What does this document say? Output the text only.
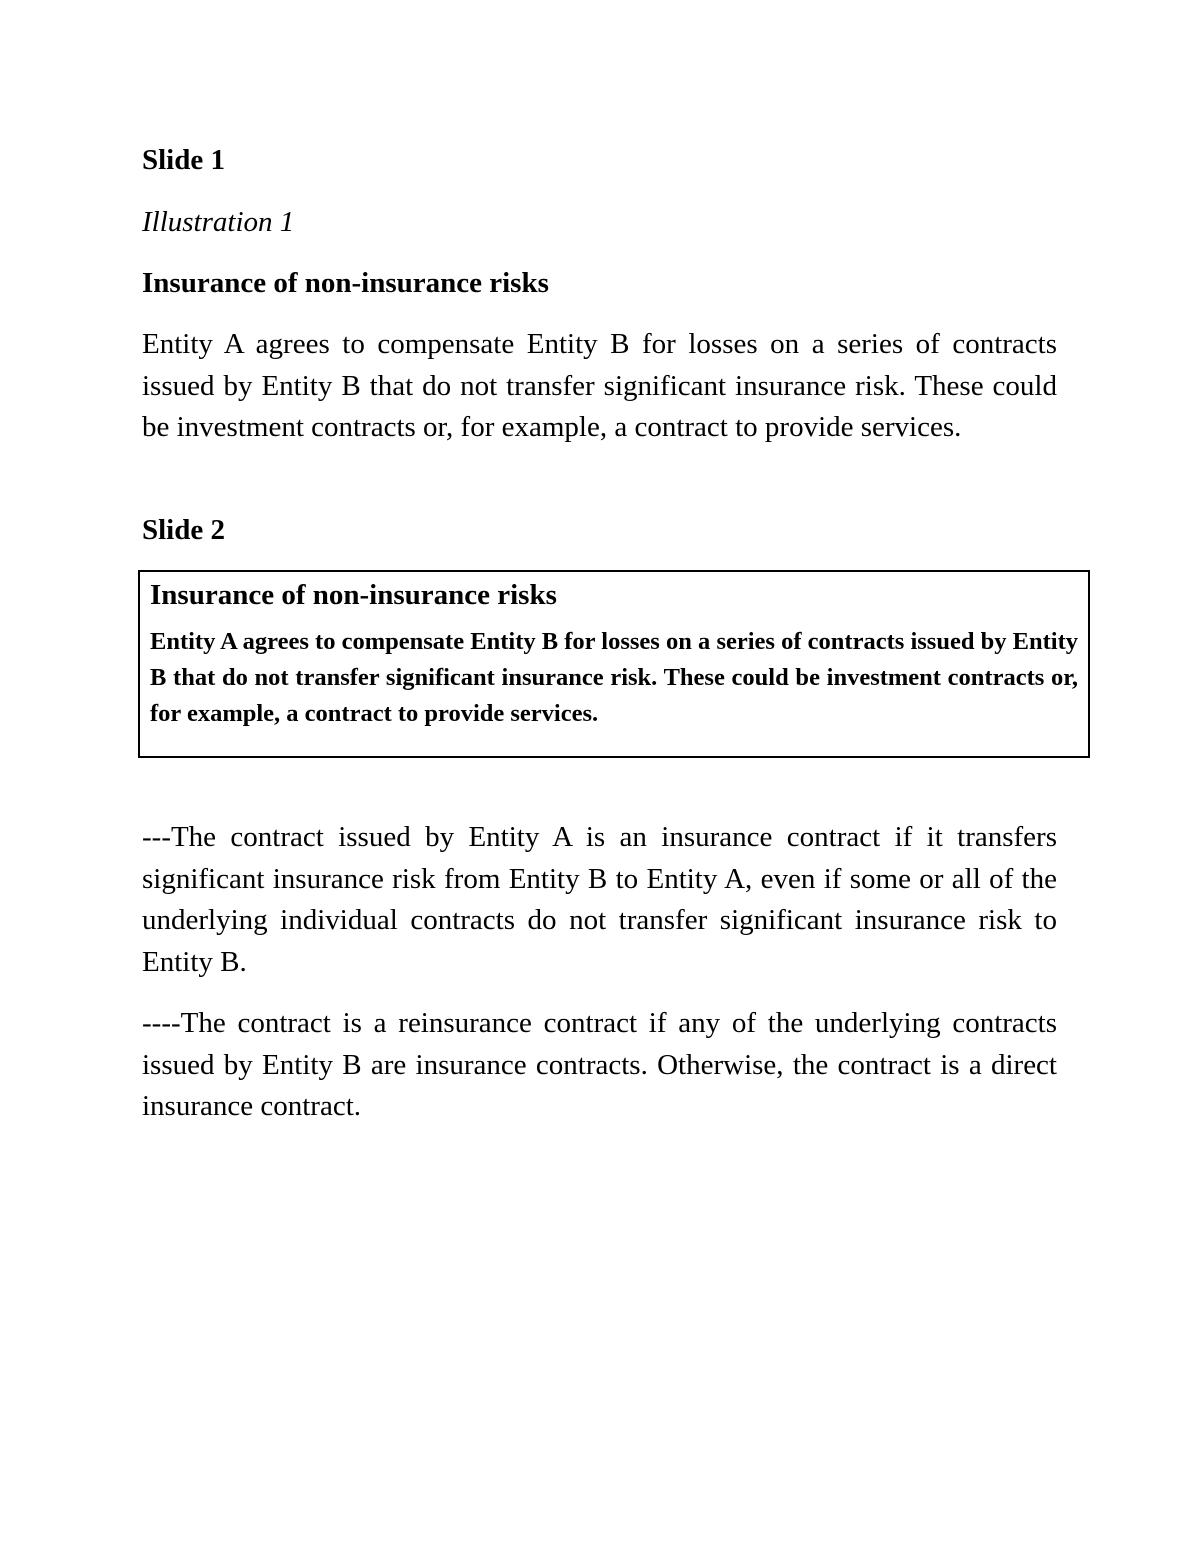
Slide 1

Illustration 1

Insurance of non-insurance risks

Entity A agrees to compensate Entity B for losses on a series of contracts issued by Entity B that do not transfer significant insurance risk. These could be investment contracts or, for example, a contract to provide services.

Slide 2

Insurance of non-insurance risks

Entity A agrees to compensate Entity B for losses on a series of contracts issued by Entity B that do not transfer significant insurance risk. These could be investment contracts or, for example, a contract to provide services.

---The contract issued by Entity A is an insurance contract if it transfers significant insurance risk from Entity B to Entity A, even if some or all of the underlying individual contracts do not transfer significant insurance risk to Entity B.

----The contract is a reinsurance contract if any of the underlying contracts issued by Entity B are insurance contracts. Otherwise, the contract is a direct insurance contract.
